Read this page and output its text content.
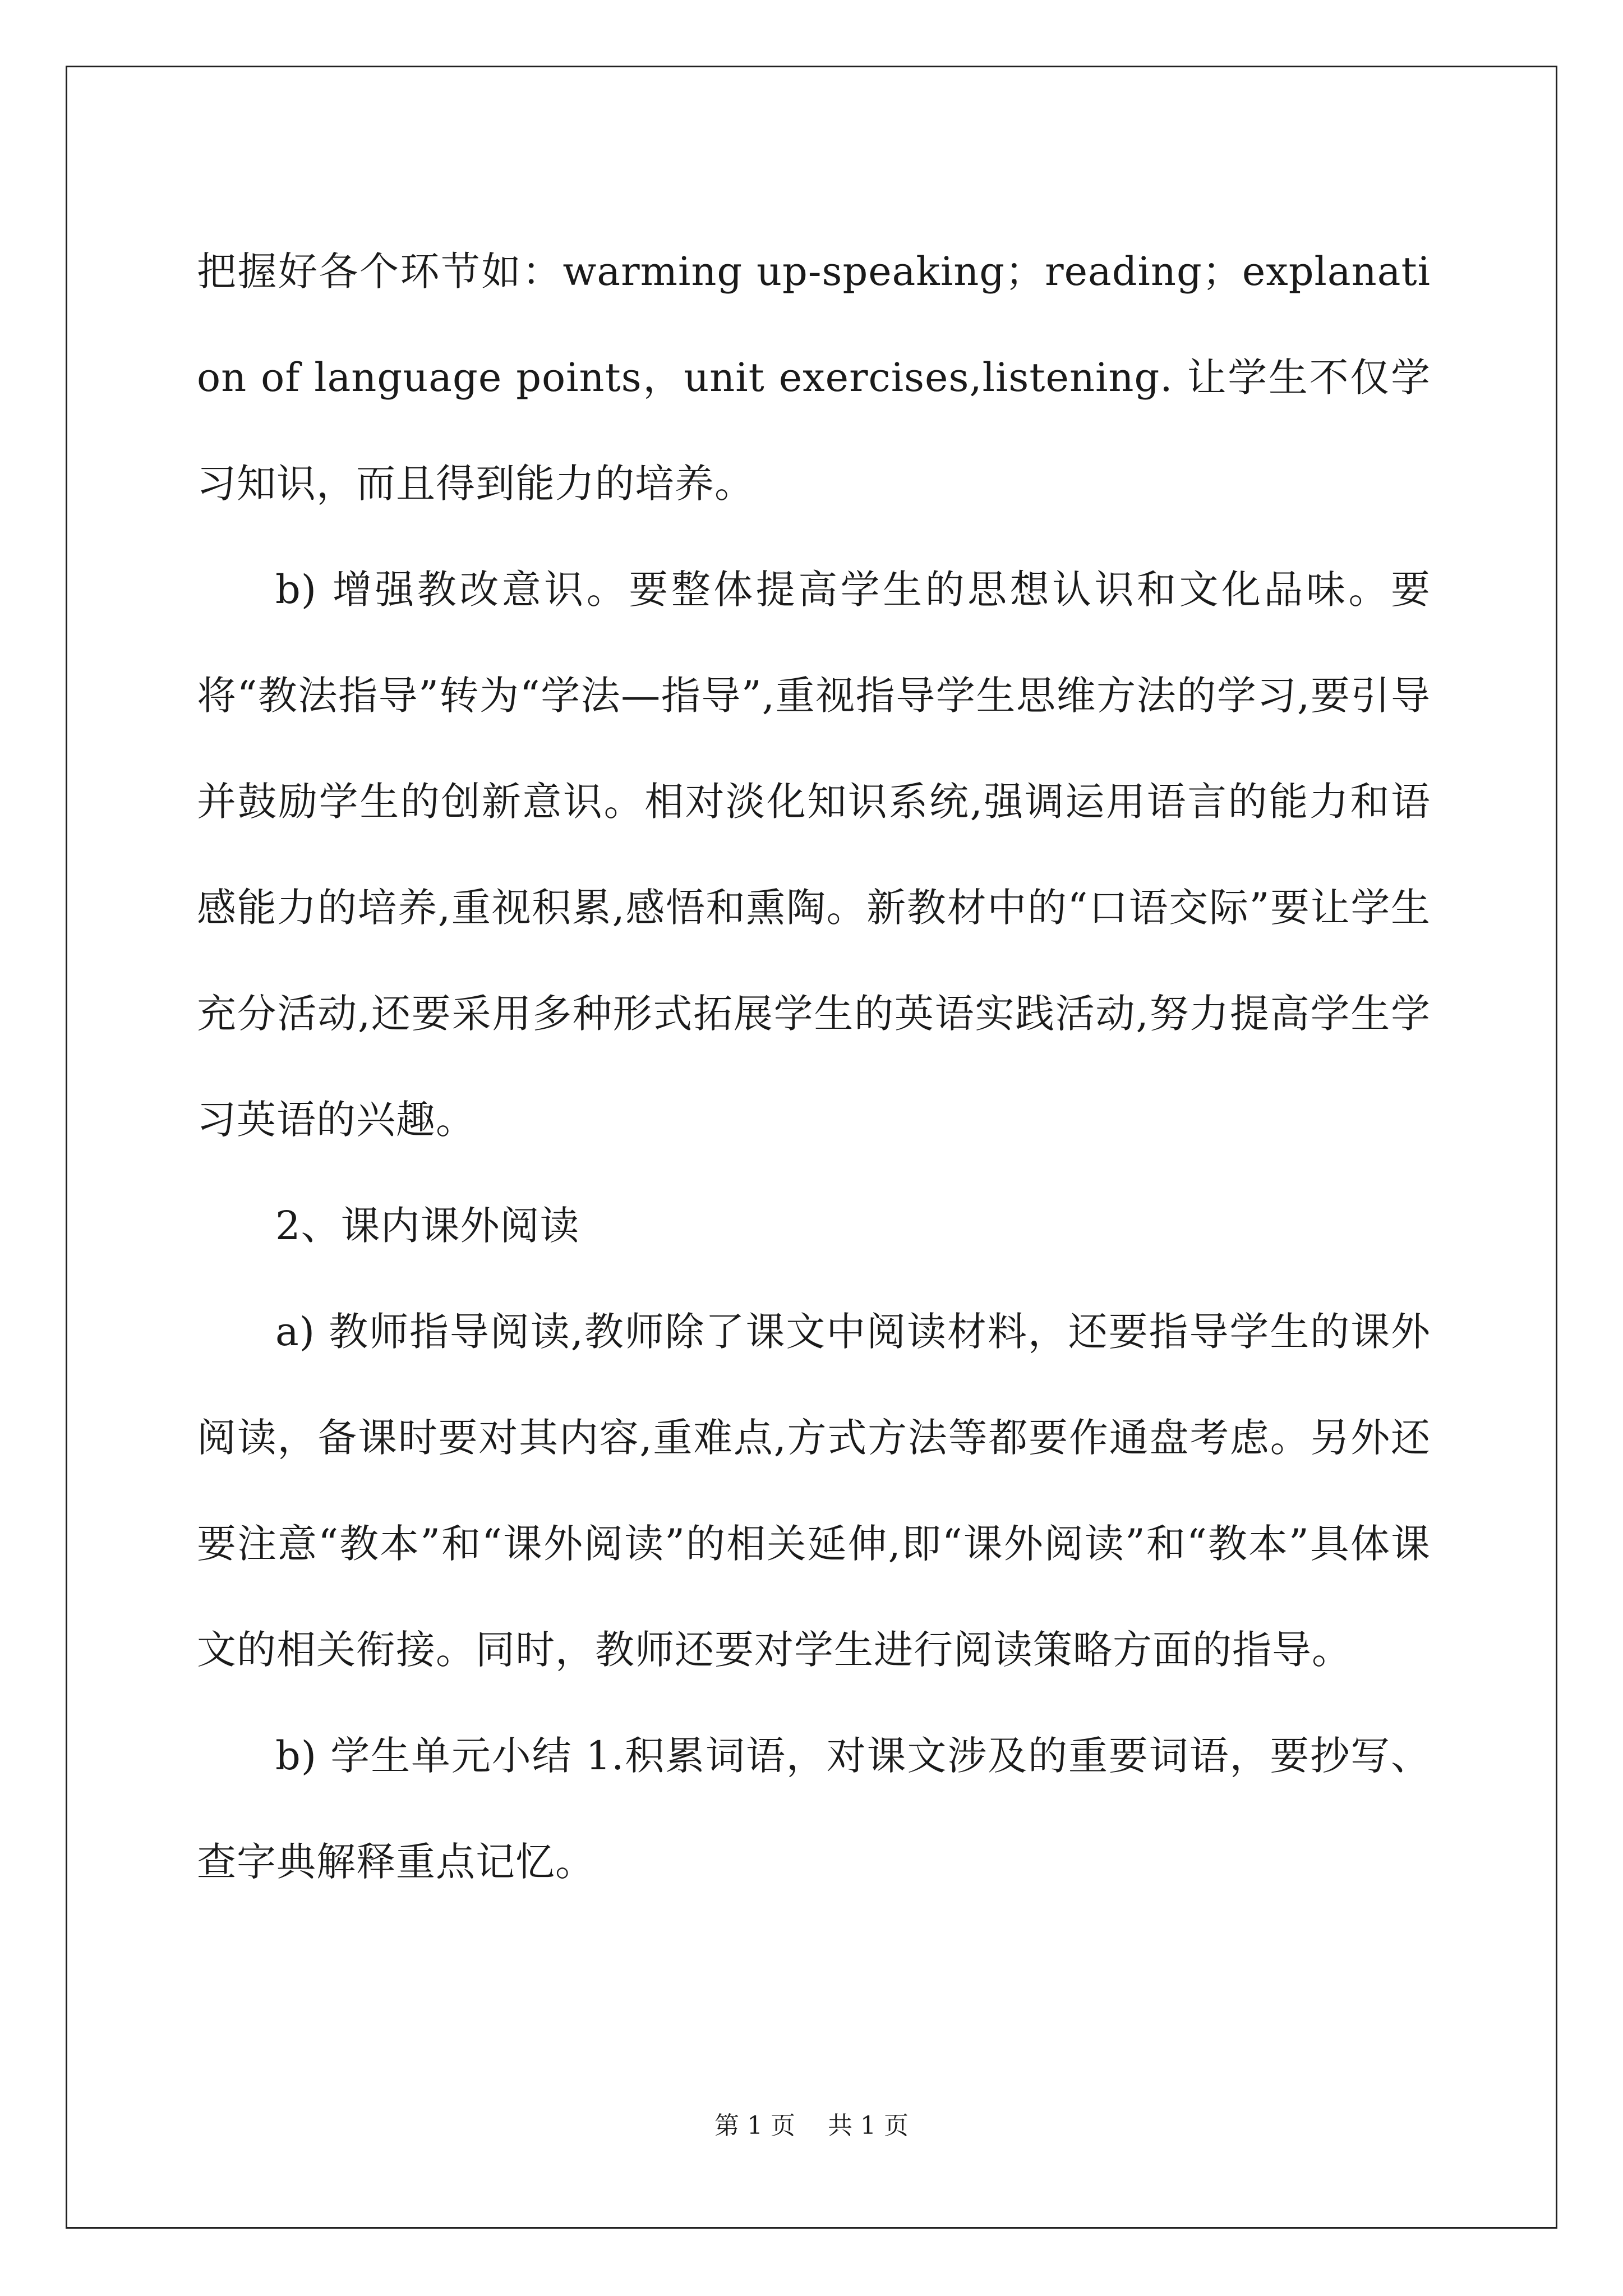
把握好各个环节如：warming up-speaking；reading；explanation of language points，unit exercises,listening. 让学生不仅学习知识，而且得到能力的培养。

b) 增强教改意识。要整体提高学生的思想认识和文化品味。要将“教法指导”转为“学法—指导”,重视指导学生思维方法的学习,要引导并鼓励学生的创新意识。相对淡化知识系统,强调运用语言的能力和语感能力的培养,重视积累,感悟和熏陶。新教材中的“口语交际”要让学生充分活动,还要采用多种形式拓展学生的英语实践活动,努力提高学生学习英语的兴趣。

2、课内课外阅读

a) 教师指导阅读,教师除了课文中阅读材料，还要指导学生的课外阅读，备课时要对其内容,重难点,方式方法等都要作通盘考虑。另外还要注意“教本”和“课外阅读”的相关延伸,即“课外阅读”和“教本”具体课文的相关衔接。同时，教师还要对学生进行阅读策略方面的指导。

b) 学生单元小结 1.积累词语，对课文涉及的重要词语，要抄写、查字典解释重点记忆。

第 1 页 共 1 页
